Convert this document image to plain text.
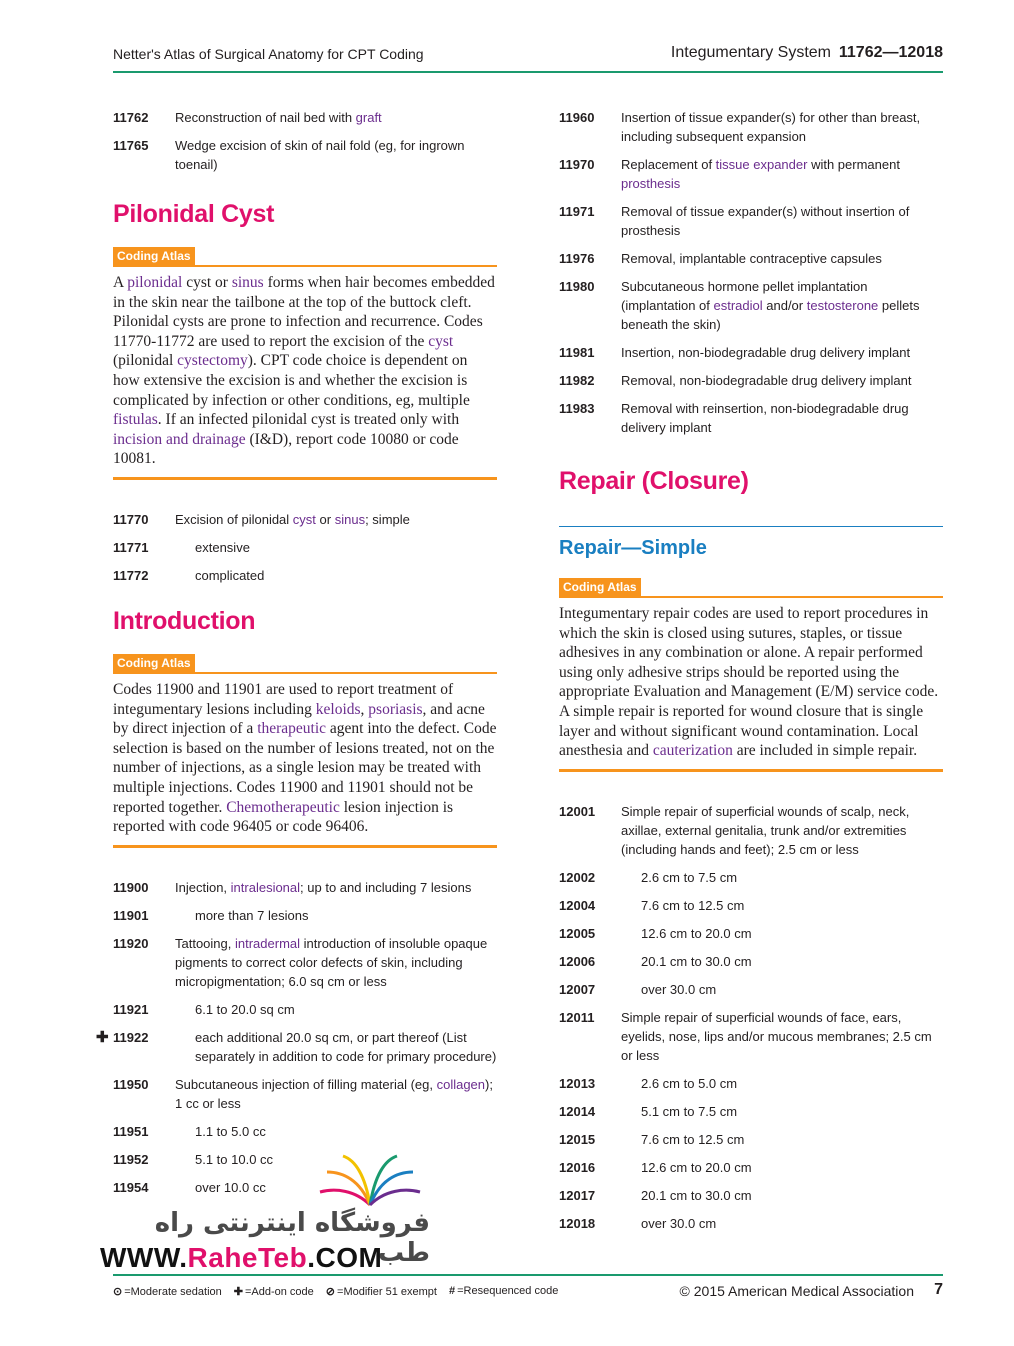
Netter's Atlas of Surgical Anatomy for CPT Coding	Integumentary System 11762—12018
11762	Reconstruction of nail bed with graft
11765	Wedge excision of skin of nail fold (eg, for ingrown toenail)
Pilonidal Cyst
Coding Atlas
A pilonidal cyst or sinus forms when hair becomes embedded in the skin near the tailbone at the top of the buttock cleft. Pilonidal cysts are prone to infection and recurrence. Codes 11770-11772 are used to report the excision of the cyst (pilonidal cystectomy). CPT code choice is dependent on how extensive the excision is and whether the excision is complicated by infection or other conditions, eg, multiple fistulas. If an infected pilonidal cyst is treated only with incision and drainage (I&D), report code 10080 or code 10081.
11770	Excision of pilonidal cyst or sinus; simple
11771	extensive
11772	complicated
Introduction
Coding Atlas
Codes 11900 and 11901 are used to report treatment of integumentary lesions including keloids, psoriasis, and acne by direct injection of a therapeutic agent into the defect. Code selection is based on the number of lesions treated, not on the number of injections, as a single lesion may be treated with multiple injections. Codes 11900 and 11901 should not be reported together. Chemotherapeutic lesion injection is reported with code 96405 or code 96406.
11900	Injection, intralesional; up to and including 7 lesions
11901	more than 7 lesions
11920	Tattooing, intradermal introduction of insoluble opaque pigments to correct color defects of skin, including micropigmentation; 6.0 sq cm or less
11921	6.1 to 20.0 sq cm
✚ 11922	each additional 20.0 sq cm, or part thereof (List separately in addition to code for primary procedure)
11950	Subcutaneous injection of filling material (eg, collagen); 1 cc or less
11951	1.1 to 5.0 cc
11952	5.1 to 10.0 cc
11954	over 10.0 cc
11960	Insertion of tissue expander(s) for other than breast, including subsequent expansion
11970	Replacement of tissue expander with permanent prosthesis
11971	Removal of tissue expander(s) without insertion of prosthesis
11976	Removal, implantable contraceptive capsules
11980	Subcutaneous hormone pellet implantation (implantation of estradiol and/or testosterone pellets beneath the skin)
11981	Insertion, non-biodegradable drug delivery implant
11982	Removal, non-biodegradable drug delivery implant
11983	Removal with reinsertion, non-biodegradable drug delivery implant
Repair (Closure)
Repair—Simple
Coding Atlas
Integumentary repair codes are used to report procedures in which the skin is closed using sutures, staples, or tissue adhesives in any combination or alone. A repair performed using only adhesive strips should be reported using the appropriate Evaluation and Management (E/M) service code. A simple repair is reported for wound closure that is single layer and without significant wound contamination. Local anesthesia and cauterization are included in simple repair.
12001	Simple repair of superficial wounds of scalp, neck, axillae, external genitalia, trunk and/or extremities (including hands and feet); 2.5 cm or less
12002	2.6 cm to 7.5 cm
12004	7.6 cm to 12.5 cm
12005	12.6 cm to 20.0 cm
12006	20.1 cm to 30.0 cm
12007	over 30.0 cm
12011	Simple repair of superficial wounds of face, ears, eyelids, nose, lips and/or mucous membranes; 2.5 cm or less
12013	2.6 cm to 5.0 cm
12014	5.1 cm to 7.5 cm
12015	7.6 cm to 12.5 cm
12016	12.6 cm to 20.0 cm
12017	20.1 cm to 30.0 cm
12018	over 30.0 cm
فروشگاه اینترنتی راه طب
WWW.RaheTeb.COM
⊙ =Moderate sedation ✚ =Add-on code ⊘ =Modifier 51 exempt # =Resequenced code	© 2015 American Medical Association 7
